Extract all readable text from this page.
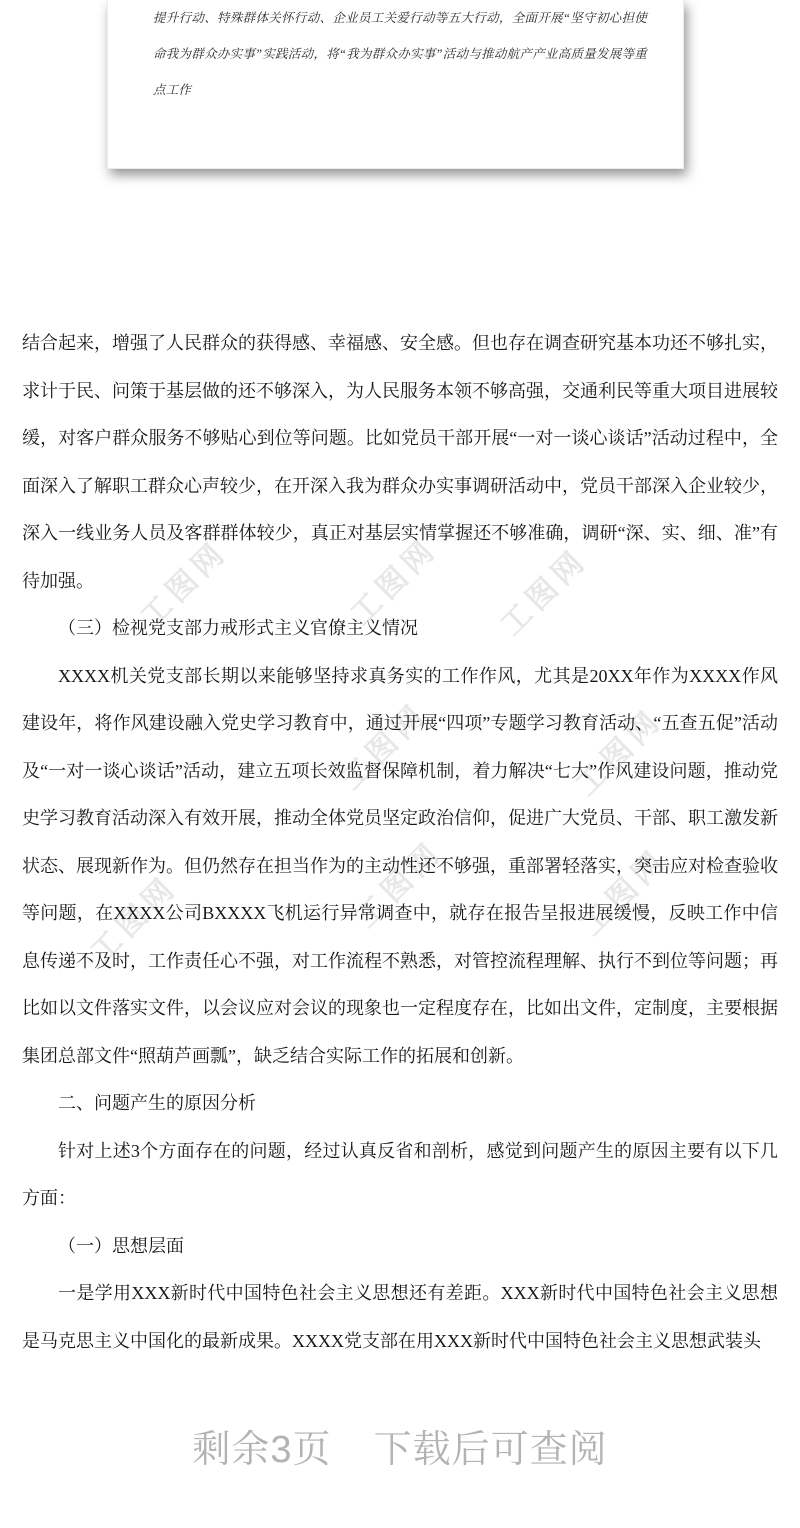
提升行动、特殊群体关怀行动、企业员工关爱行动等五大行动，全面开展“坚守初心担使命我为群众办实事”实践活动，将“我为群众办实事”活动与推动航产产业高质量发展等重点工作

工图网	工图网 工图网
工图网	工图网
工图网	工图网	工图网

结合起来，增强了人民群众的获得感、幸福感、安全感。但也存在调查研究基本功还不够扎实，求计于民、问策于基层做的还不够深入，为人民服务本领不够高强，交通利民等重大项目进展较缓，对客户群众服务不够贴心到位等问题。比如党员干部开展“一对一谈心谈话”活动过程中，全面深入了解职工群众心声较少，在开深入我为群众办实事调研活动中，党员干部深入企业较少，深入一线业务人员及客群群体较少，真正对基层实情掌握还不够准确，调研“深、实、细、准”有待加强。

（三）检视党支部力戒形式主义官僚主义情况

XXXX机关党支部长期以来能够坚持求真务实的工作作风，尤其是20XX年作为XXXX作风建设年，将作风建设融入党史学习教育中，通过开展“四项”专题学习教育活动、“五查五促”活动及“一对一谈心谈话”活动，建立五项长效监督保障机制，着力解决“七大”作风建设问题，推动党史学习教育活动深入有效开展，推动全体党员坚定政治信仰，促进广大党员、干部、职工激发新状态、展现新作为。但仍然存在担当作为的主动性还不够强，重部署轻落实，突击应对检查验收等问题，在XXXX公司BXXXX飞机运行异常调查中，就存在报告呈报进展缓慢，反映工作中信息传递不及时，工作责任心不强，对工作流程不熟悉，对管控流程理解、执行不到位等问题；再比如以文件落实文件，以会议应对会议的现象也一定程度存在，比如出文件，定制度，主要根据集团总部文件“照葫芦画瓢”，缺乏结合实际工作的拓展和创新。

二、问题产生的原因分析

针对上述3个方面存在的问题，经过认真反省和剖析，感觉到问题产生的原因主要有以下几方面：

（一）思想层面

一是学用XXX新时代中国特色社会主义思想还有差距。XXX新时代中国特色社会主义思想是马克思主义中国化的最新成果。XXXX党支部在用XXX新时代中国特色社会主义思想武装头

剩余3页 下载后可查阅
